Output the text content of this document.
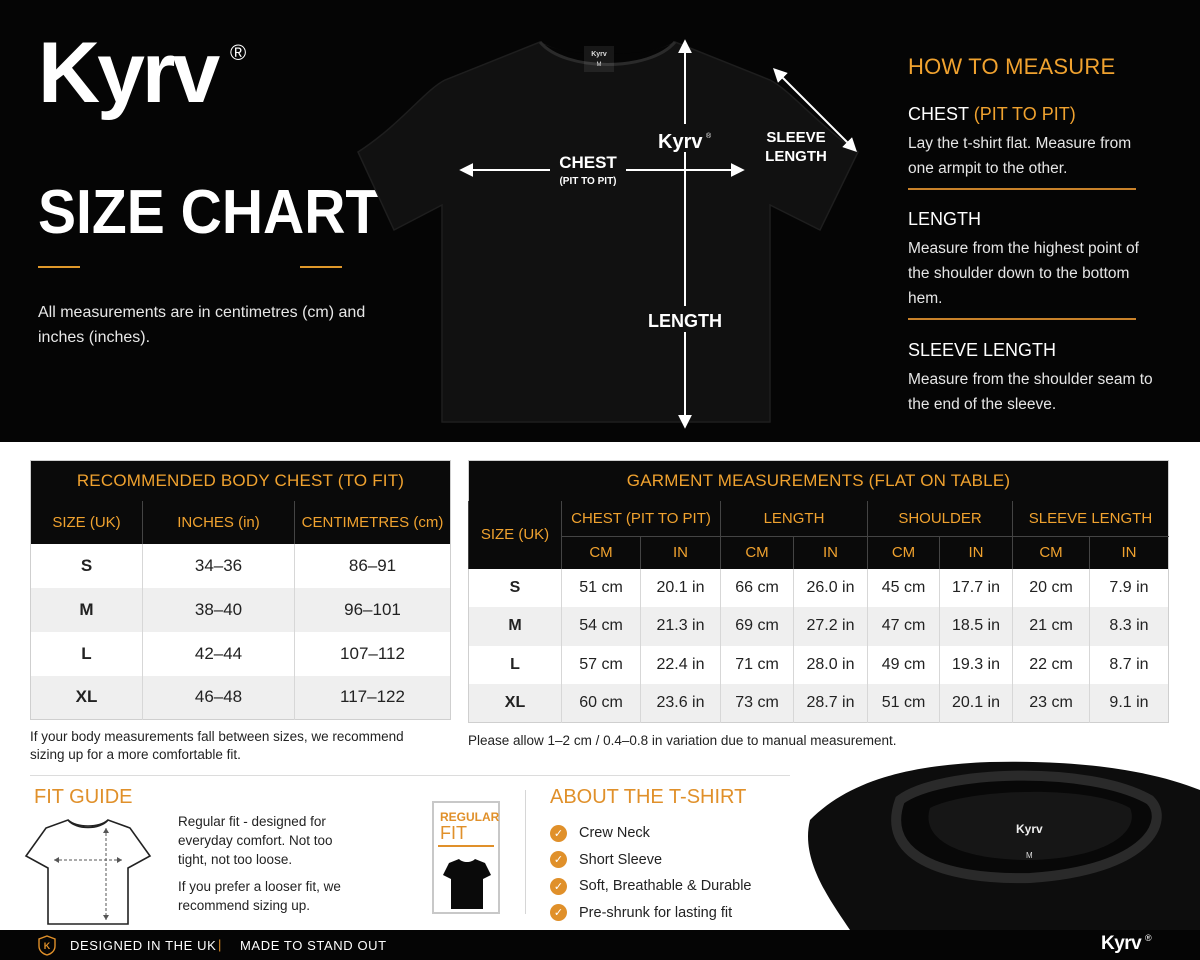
Kyrv ®
SIZE CHART
All measurements are in centimetres (cm) and inches (inches).
Kyrv
M
Kyrv ®
CHEST
(PIT TO PIT)
LENGTH
SLEEVE
LENGTH
HOW TO MEASURE
CHEST (PIT TO PIT)

Lay the t-shirt flat. Measure from one armpit to the other.

LENGTH

Measure from the highest point of the shoulder down to the bottom hem.

SLEEVE LENGTH

Measure from the shoulder seam to the end of the sleeve.

RECOMMENDED BODY CHEST (TO FIT)		
SIZE (UK)	INCHES (in)	CENTIMETRES (cm)
S	34–36	86–91
M	38–40	96–101
L	42–44	107–112
XL	46–48	117–122
GARMENT MEASUREMENTS (FLAT ON TABLE)								
SIZE (UK)	CHEST (PIT TO PIT)		LENGTH		SHOULDER		SLEEVE LENGTH	
	CM	IN	CM	IN	CM	IN	CM	IN
S	51 cm	20.1 in	66 cm	26.0 in	45 cm	17.7 in	20 cm	7.9 in
M	54 cm	21.3 in	69 cm	27.2 in	47 cm	18.5 in	21 cm	8.3 in
L	57 cm	22.4 in	71 cm	28.0 in	49 cm	19.3 in	22 cm	8.7 in
XL	60 cm	23.6 in	73 cm	28.7 in	51 cm	20.1 in	23 cm	9.1 in
If your body measurements fall between sizes, we recommend sizing up for a more comfortable fit.
Please allow 1–2 cm / 0.4–0.8 in variation due to manual measurement.
FIT GUIDE
Regular fit - designed for everyday comfort. Not too tight, not too loose.
If you prefer a looser fit, we recommend sizing up.
REGULAR
FIT
ABOUT THE T-SHIRT
✓ Crew Neck
✓ Short Sleeve
✓ Soft, Breathable & Durable
✓ Pre-shrunk for lasting fit
Kyrv
M
K DESIGNED IN THE UK | MADE TO STAND OUT	Kyrv ®
